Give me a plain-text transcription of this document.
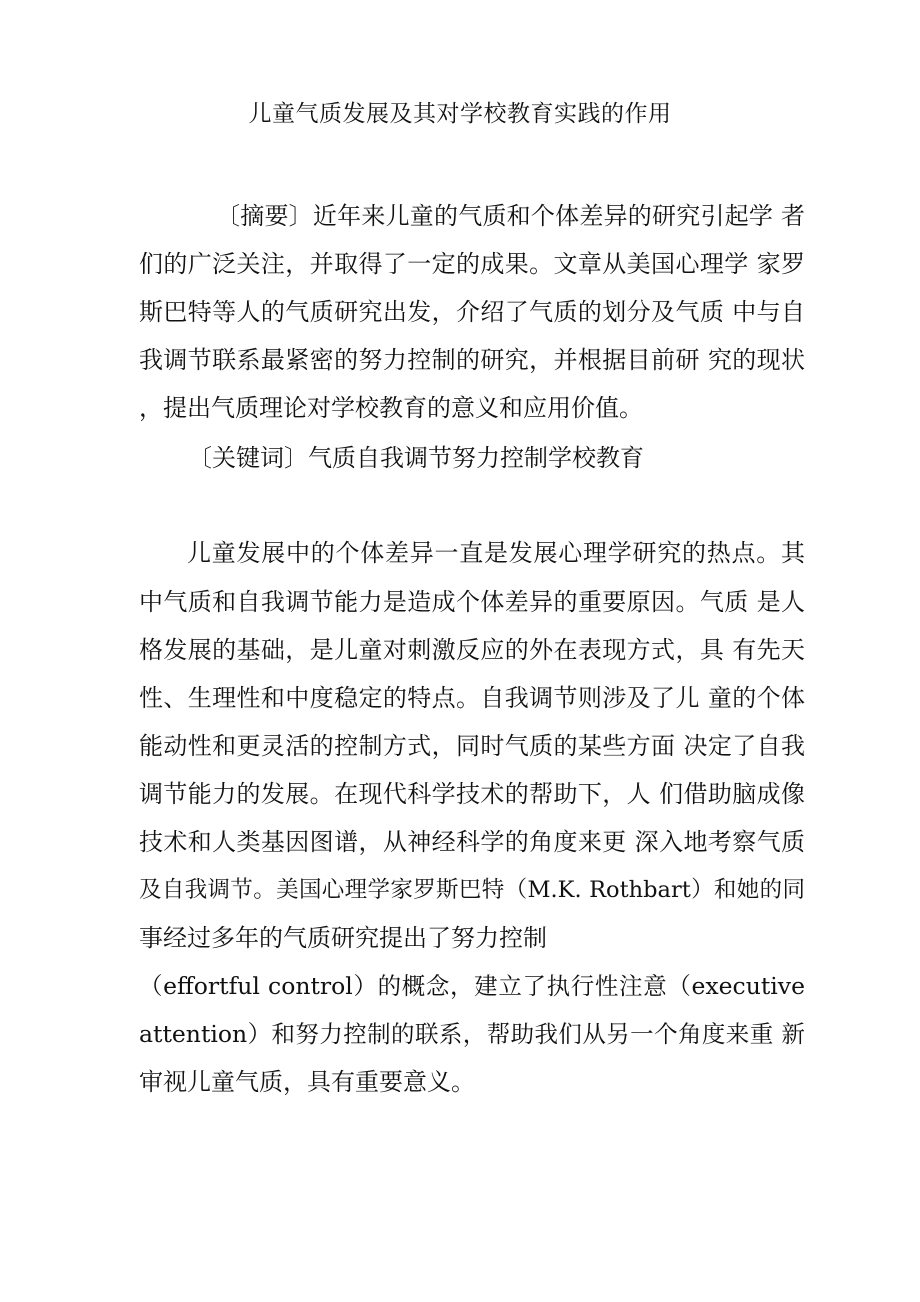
儿童气质发展及其对学校教育实践的作用
〔摘要〕近年来儿童的气质和个体差异的研究引起学 者
们的广泛关注，并取得了一定的成果。文章从美国心理学 家罗
斯巴特等人的气质研究出发，介绍了气质的划分及气质 中与自
我调节联系最紧密的努力控制的研究，并根据目前研 究的现状
，提出气质理论对学校教育的意义和应用价值。
〔关键词〕气质自我调节努力控制学校教育
儿童发展中的个体差异一直是发展心理学研究的热点。其
中气质和自我调节能力是造成个体差异的重要原因。气质 是人
格发展的基础，是儿童对刺激反应的外在表现方式，具 有先天
性、生理性和中度稳定的特点。自我调节则涉及了儿 童的个体
能动性和更灵活的控制方式，同时气质的某些方面 决定了自我
调节能力的发展。在现代科学技术的帮助下，人 们借助脑成像
技术和人类基因图谱，从神经科学的角度来更 深入地考察气质
及自我调节。美国心理学家罗斯巴特（M.K. Rothbart）和她的同
事经过多年的气质研究提出了努力控制
（effortful control）的概念，建立了执行性注意（executive
attention）和努力控制的联系，帮助我们从另一个角度来重 新
审视儿童气质，具有重要意义。
